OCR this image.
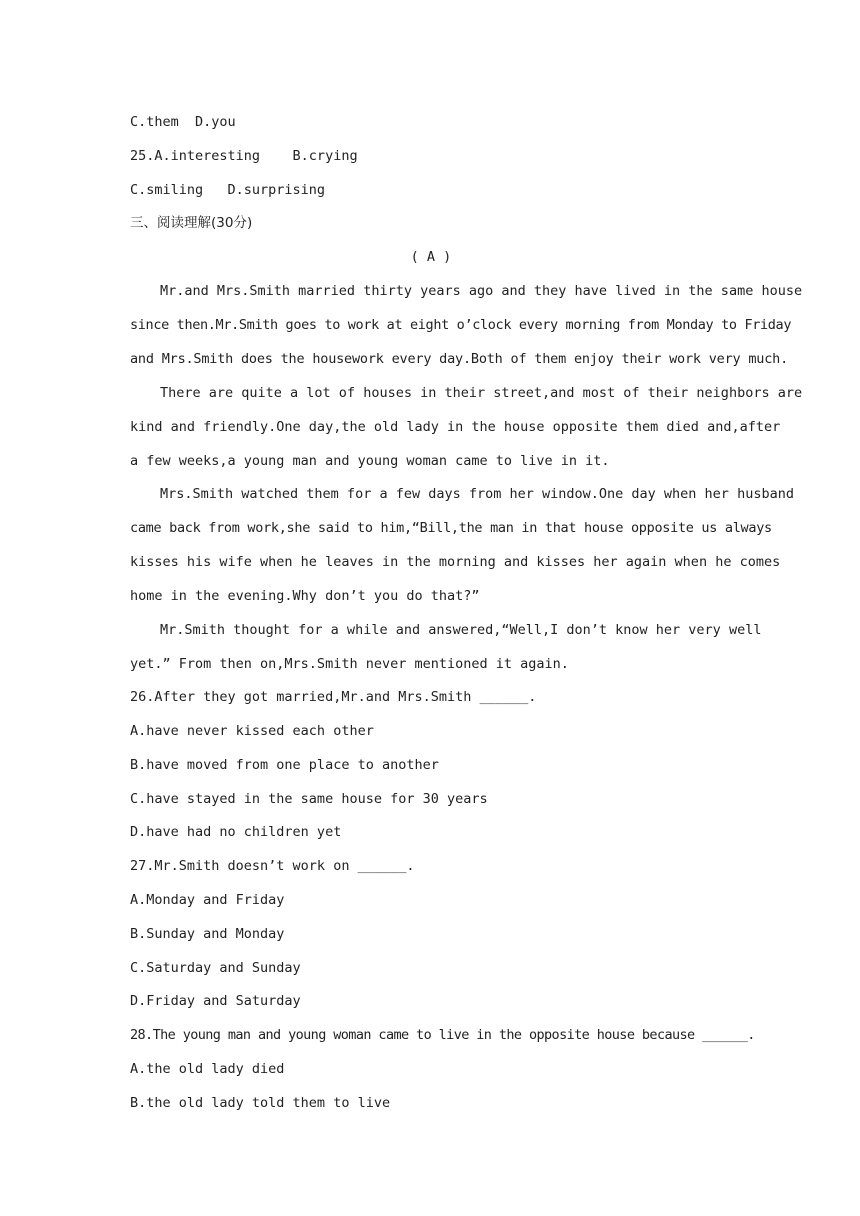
C.them  D.you
25.A.interesting    B.crying
C.smiling   D.surprising
三、阅读理解(30分)
( A )
Mr.and Mrs.Smith married thirty years ago and they have lived in the same house
since then.Mr.Smith goes to work at eight o’clock every morning from Monday to Friday
and Mrs.Smith does the housework every day.Both of them enjoy their work very much.
There are quite a lot of houses in their street,and most of their neighbors are
kind and friendly.One day,the old lady in the house opposite them died and,after
a few weeks,a young man and young woman came to live in it.
Mrs.Smith watched them for a few days from her window.One day when her husband
came back from work,she said to him,“Bill,the man in that house opposite us always
kisses his wife when he leaves in the morning and kisses her again when he comes
home in the evening.Why don’t you do that?”
Mr.Smith thought for a while and answered,“Well,I don’t know her very well
yet.” From then on,Mrs.Smith never mentioned it again.
26.After they got married,Mr.and Mrs.Smith ______.
A.have never kissed each other
B.have moved from one place to another
C.have stayed in the same house for 30 years
D.have had no children yet
27.Mr.Smith doesn’t work on ______.
A.Monday and Friday
B.Sunday and Monday
C.Saturday and Sunday
D.Friday and Saturday
28.The young man and young woman came to live in the opposite house because ______.
A.the old lady died
B.the old lady told them to live
